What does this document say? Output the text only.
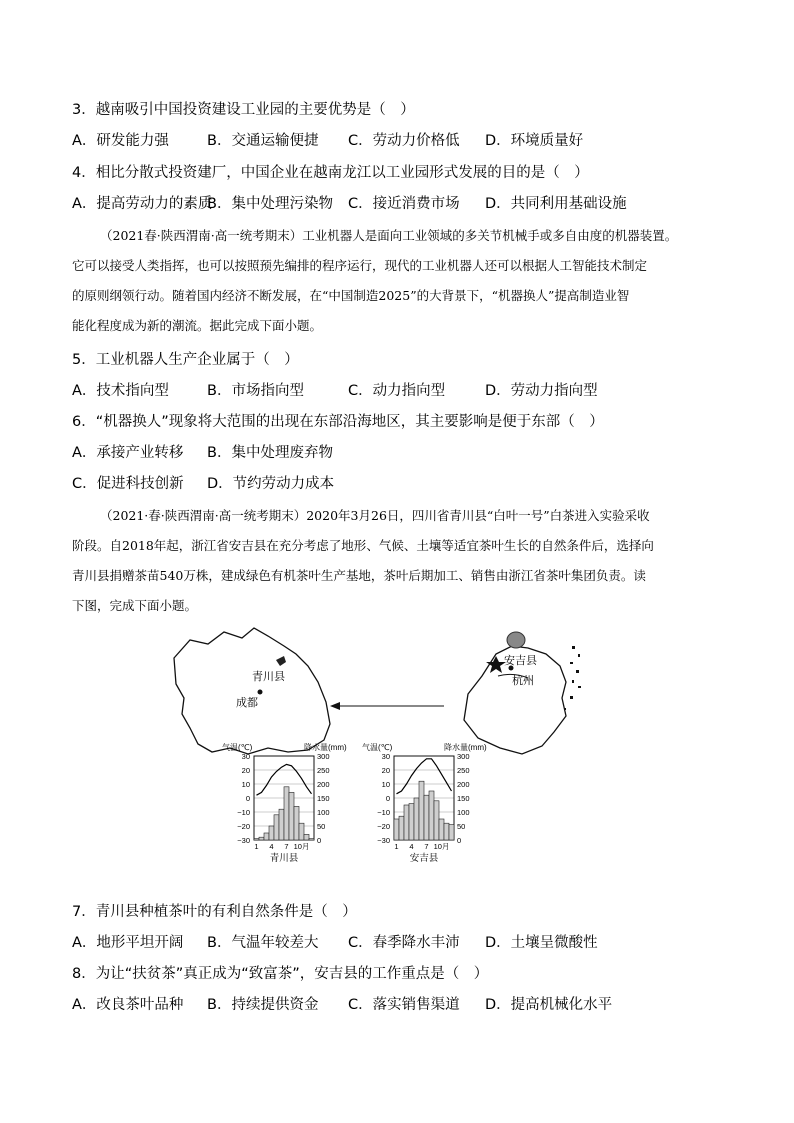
3．越南吸引中国投资建设工业园的主要优势是（　）
A．研发能力强	B．交通运输便捷 C．劳动力价格低 D．环境质量好
4．相比分散式投资建厂，中国企业在越南龙江以工业园形式发展的目的是（　）
A．提高劳动力的素质
B．集中处理污染物 C．接近消费市场 D．共同利用基础设施
（2021春·陕西渭南·高一统考期末）工业机器人是面向工业领域的多关节机械手或多自由度的机器装置。
它可以接受人类指挥，也可以按照预先编排的程序运行，现代的工业机器人还可以根据人工智能技术制定
的原则纲领行动。随着国内经济不断发展，在“中国制造2025”的大背景下，“机器换人”提高制造业智
能化程度成为新的潮流。据此完成下面小题。
5．工业机器人生产企业属于（　）
A．技术指向型	B．市场指向型	C．动力指向型	D．劳动力指向型
6．“机器换人”现象将大范围的出现在东部沿海地区，其主要影响是便于东部（　）
A．承接产业转移 B．集中处理废弃物
C．促进科技创新 D．节约劳动力成本
（2021·春·陕西渭南·高一统考期末）2020年3月26日，四川省青川县“白叶一号”白茶进入实验采收
阶段。自2018年起，浙江省安吉县在充分考虑了地形、气候、土壤等适宜茶叶生长的自然条件后，选择向
青川县捐赠茶苗540万株，建成绿色有机茶叶生产基地，茶叶后期加工、销售由浙江省茶叶集团负责。读
下图，完成下面小题。
安吉县
杭州
青川县
成都
气温(℃)	降水量(mm)
30	300
20	250
10	200
0	150
−10	100
−20	50
−30	0
1 4 7 10月
青川县
气温(℃)	降水量(mm)
30	300
20	250
10	200
0	150
−10	100
−20	50
−30	0
1 4 7 10月
安吉县
7．青川县种植茶叶的有利自然条件是（　）
A．地形平坦开阔 B．气温年较差大 C．春季降水丰沛 D．土壤呈微酸性
8．为让“扶贫茶”真正成为“致富茶”，安吉县的工作重点是（　）
A．改良茶叶品种 B．持续提供资金 C．落实销售渠道 D．提高机械化水平
